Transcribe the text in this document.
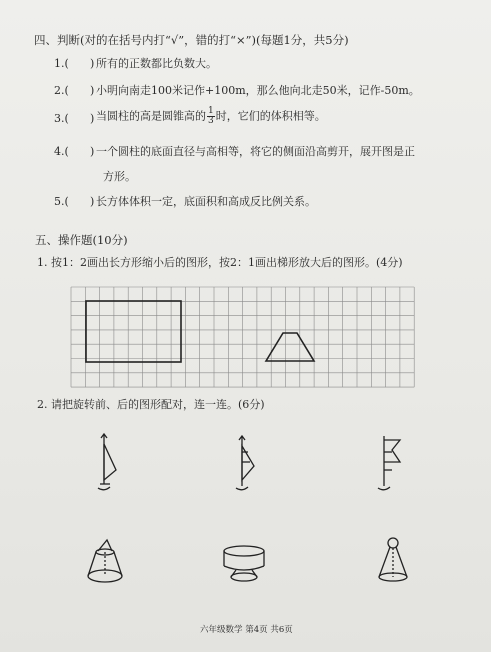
四、判断(对的在括号内打“√”，错的打“×”)(每题1分，共5分)
1.( ) 所有的正数都比负数大。
2.( ) 小明向南走100米记作+100m，那么他向北走50米，记作-50m。
3.( ) 当圆柱的高是圆锥高的 $\frac{1}{3}$ 时，它们的体积相等。
4.( ) 一个圆柱的底面直径与高相等，将它的侧面沿高剪开，展开图是正
方形。
5.( ) 长方体体积一定，底面积和高成反比例关系。
五、操作题(10分)
1. 按1：2画出长方形缩小后的图形，按2：1画出梯形放大后的图形。(4分)
2. 请把旋转前、后的图形配对，连一连。(6分)
六年级数学 第4页 共6页
